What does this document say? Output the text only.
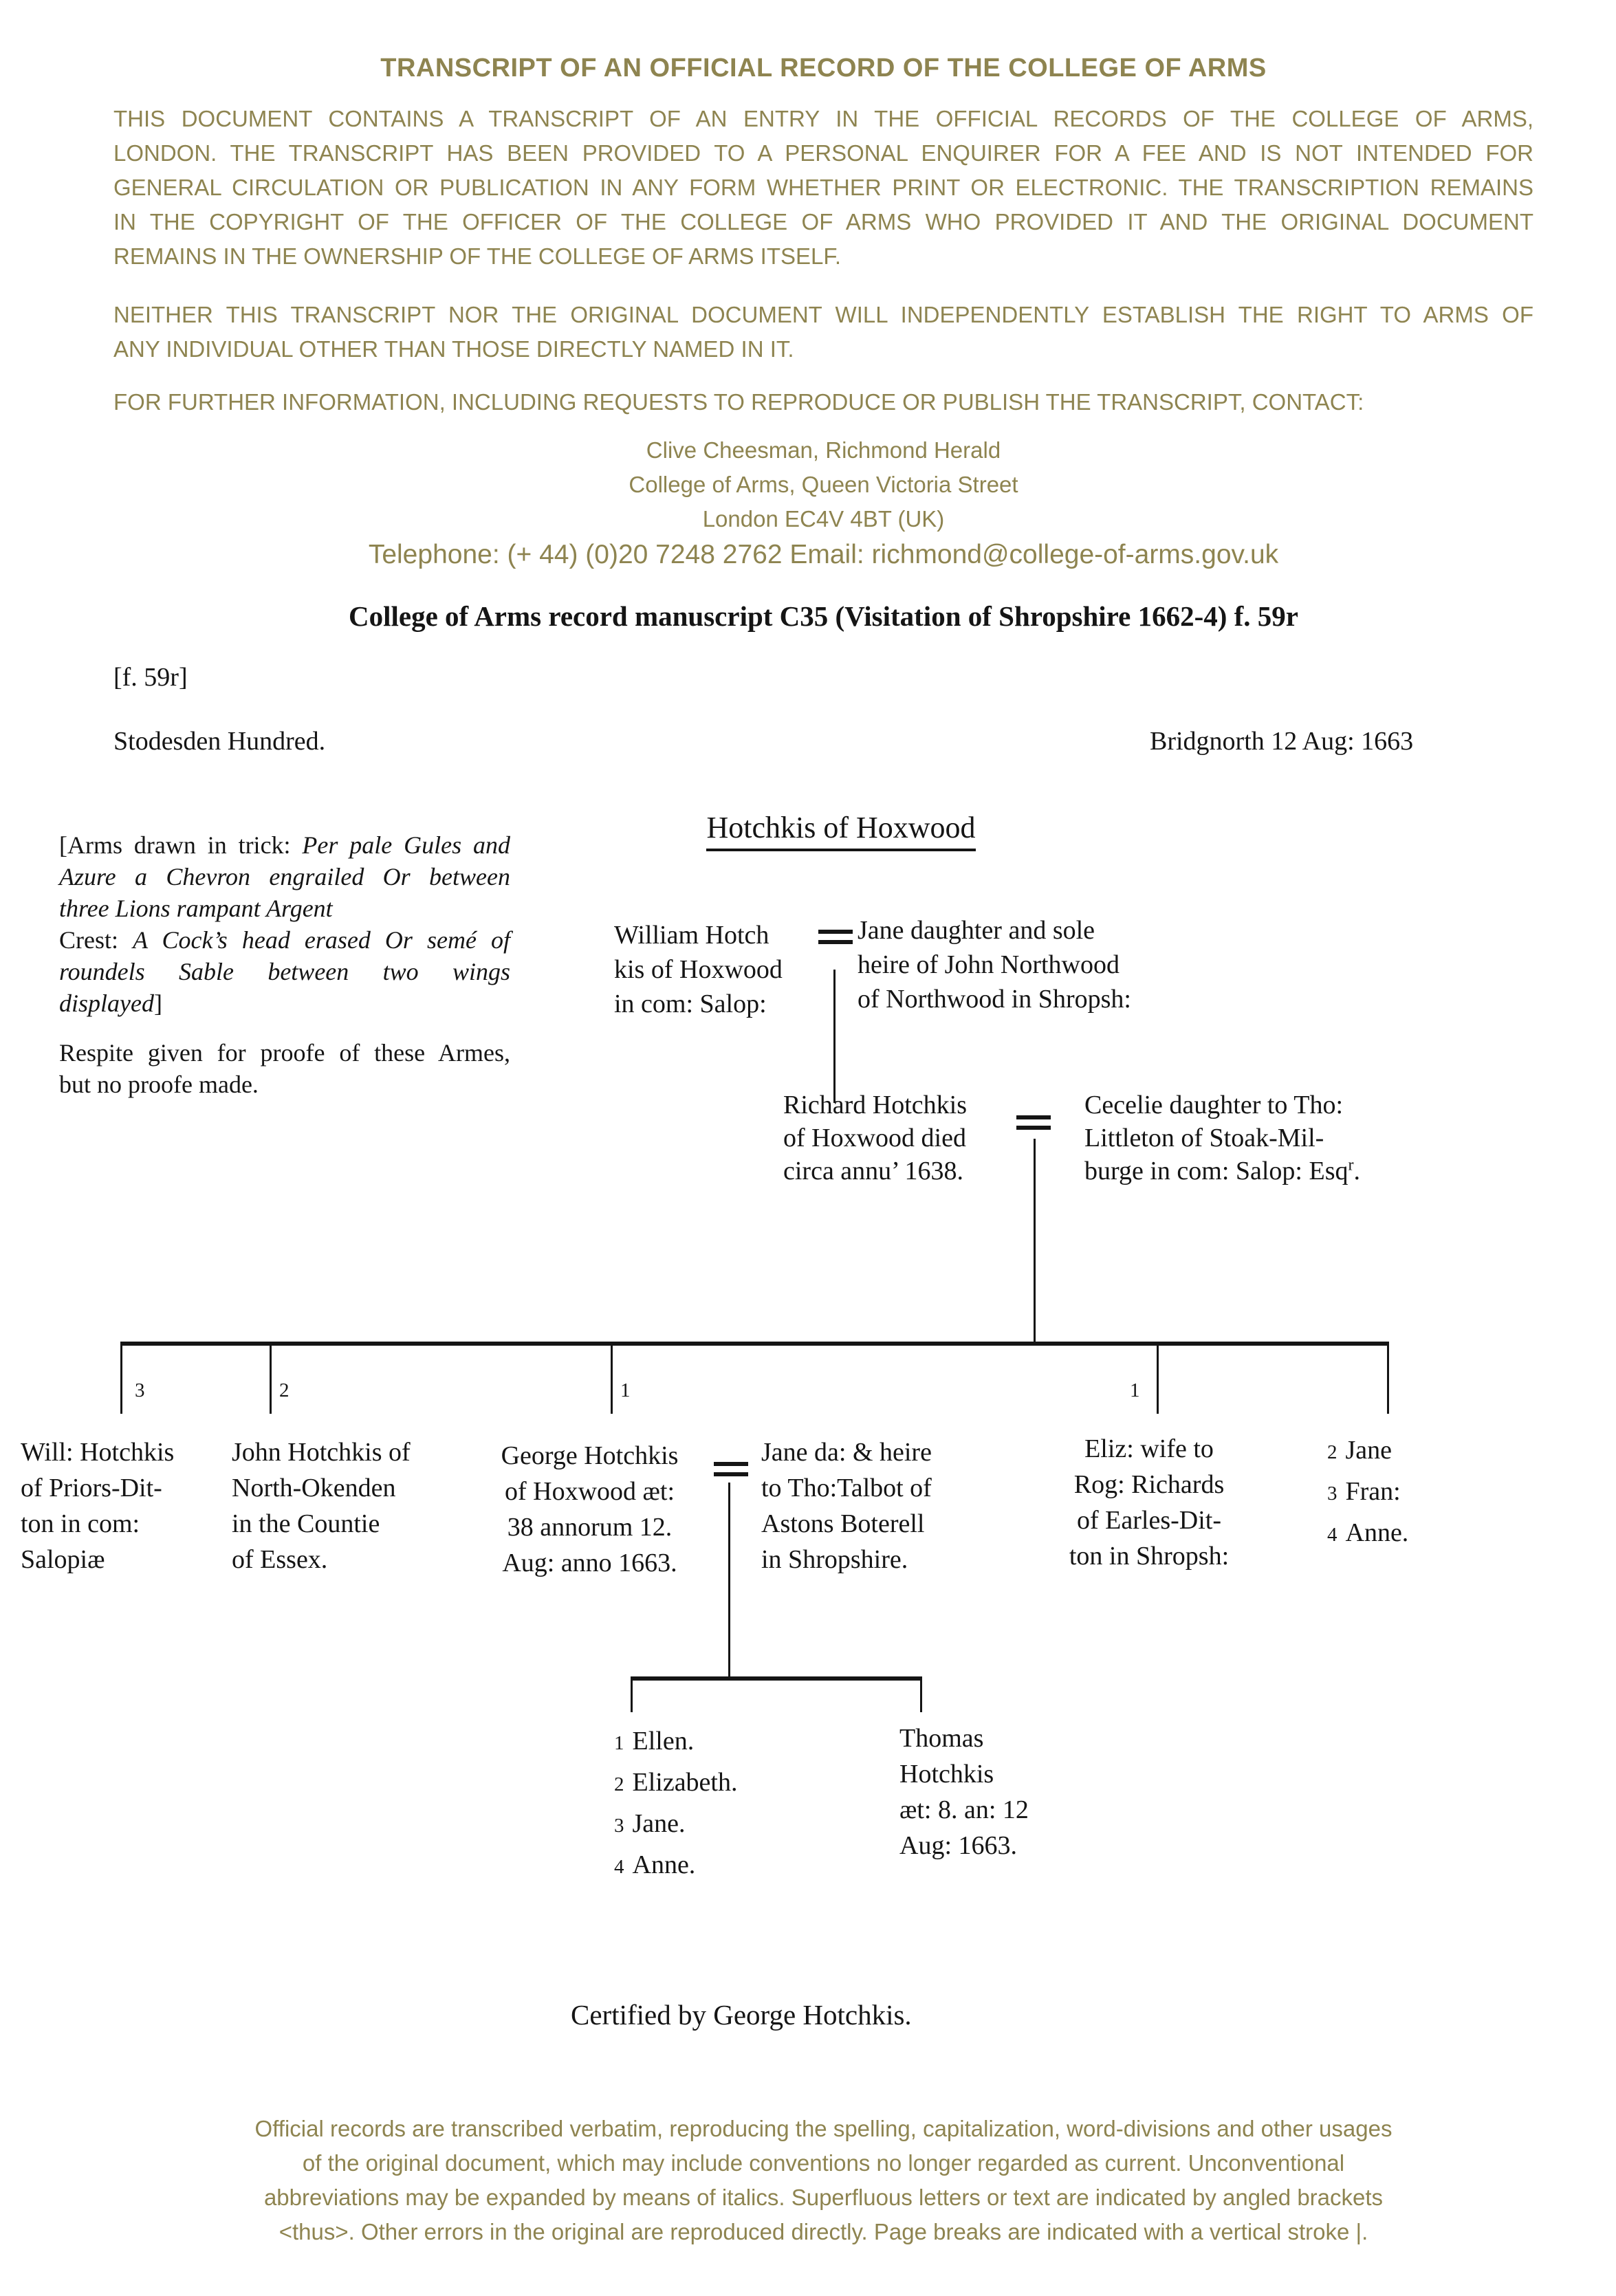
TRANSCRIPT OF AN OFFICIAL RECORD OF THE COLLEGE OF ARMS
THIS DOCUMENT CONTAINS A TRANSCRIPT OF AN ENTRY IN THE OFFICIAL RECORDS OF THE COLLEGE OF ARMS,
LONDON. THE TRANSCRIPT HAS BEEN PROVIDED TO A PERSONAL ENQUIRER FOR A FEE AND IS NOT INTENDED FOR
GENERAL CIRCULATION OR PUBLICATION IN ANY FORM WHETHER PRINT OR ELECTRONIC. THE TRANSCRIPTION REMAINS
IN THE COPYRIGHT OF THE OFFICER OF THE COLLEGE OF ARMS WHO PROVIDED IT AND THE ORIGINAL DOCUMENT
REMAINS IN THE OWNERSHIP OF THE COLLEGE OF ARMS ITSELF.
NEITHER THIS TRANSCRIPT NOR THE ORIGINAL DOCUMENT WILL INDEPENDENTLY ESTABLISH THE RIGHT TO ARMS OF
ANY INDIVIDUAL OTHER THAN THOSE DIRECTLY NAMED IN IT.
FOR FURTHER INFORMATION, INCLUDING REQUESTS TO REPRODUCE OR PUBLISH THE TRANSCRIPT, CONTACT:
Clive Cheesman, Richmond Herald
College of Arms, Queen Victoria Street
London EC4V 4BT (UK)
Telephone: (+ 44) (0)20 7248 2762 Email: richmond@college-of-arms.gov.uk
College of Arms record manuscript C35 (Visitation of Shropshire 1662-4) f. 59r
[f. 59r]
Stodesden Hundred.	Bridgnorth 12 Aug: 1663
[Arms drawn in trick: Per pale Gules and
Azure a Chevron engrailed Or between
three Lions rampant Argent
Crest: A Cock’s head erased Or semé of
roundels Sable between two wings
displayed]
Respite given for proofe of these Armes,
but no proofe made.
Hotchkis of Hoxwood
William Hotch
kis of Hoxwood
in com: Salop:
Jane daughter and sole
heire of John Northwood
of Northwood in Shropsh:
Richard Hotchkis
of Hoxwood died
circa annu’ 1638.
Cecelie daughter to Tho:
Littleton of Stoak-Mil-
burge in com: Salop: Esq$^r$.
3	2	1	1
Will: Hotchkis
of Priors-Dit-
ton in com:
Salopiæ
John Hotchkis of
North-Okenden
in the Countie
of Essex.
George Hotchkis
of Hoxwood æt:
38 annorum 12.
Aug: anno 1663.
Jane da: & heire
to Tho:Talbot of
Astons Boterell
in Shropshire.
Eliz: wife to
Rog: Richards
of Earles-Dit-
ton in Shropsh:
2 Jane
3 Fran:
4 Anne.
1 Ellen.
2 Elizabeth.
3 Jane.
4 Anne.
Thomas
Hotchkis
æt: 8. an: 12
Aug: 1663.
Certified by George Hotchkis.
Official records are transcribed verbatim, reproducing the spelling, capitalization, word-divisions and other usages
of the original document, which may include conventions no longer regarded as current. Unconventional
abbreviations may be expanded by means of italics. Superfluous letters or text are indicated by angled brackets
<thus>. Other errors in the original are reproduced directly. Page breaks are indicated with a vertical stroke |.
